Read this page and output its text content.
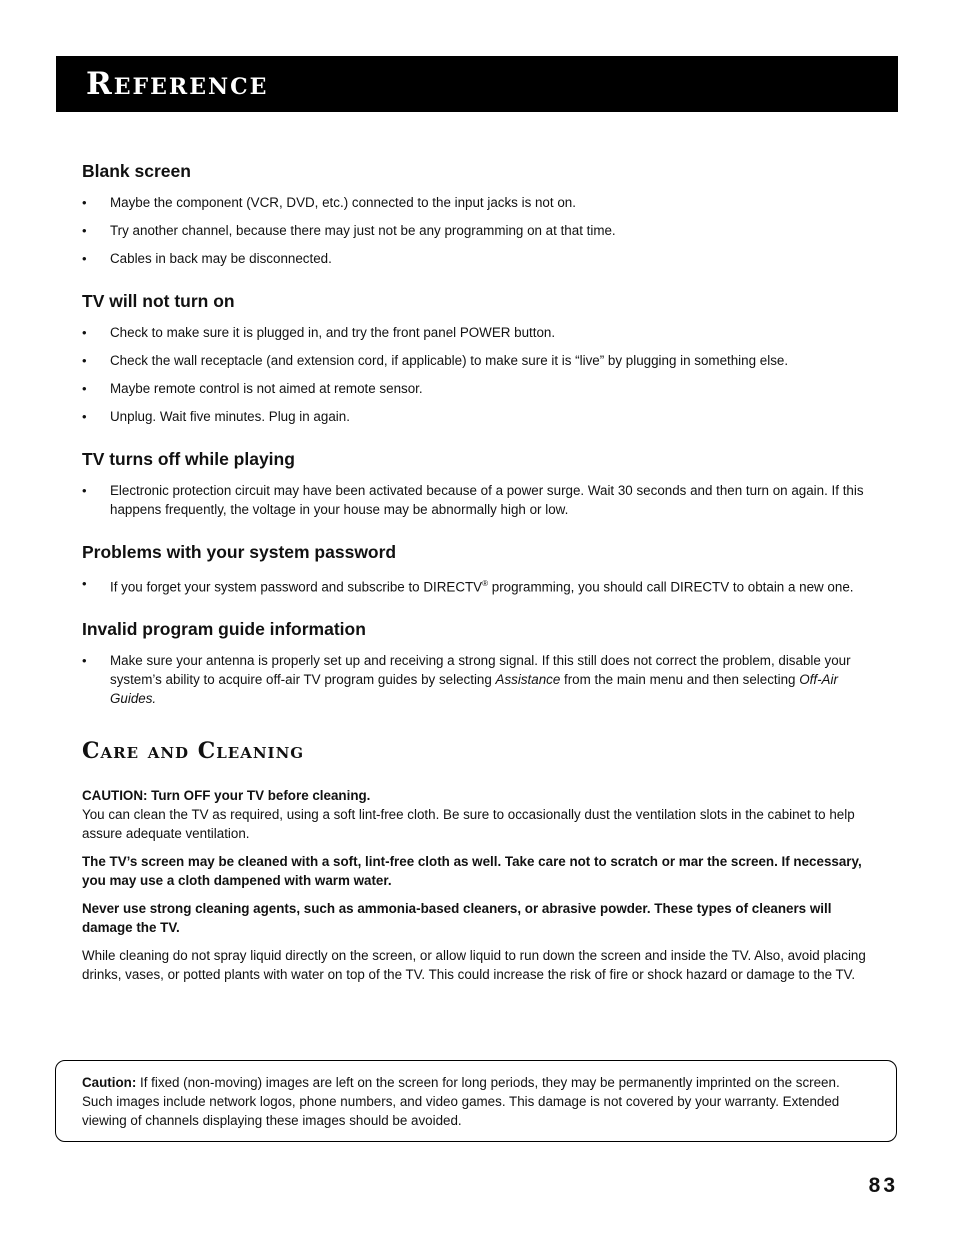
Reference
Blank screen
• Maybe the component (VCR, DVD, etc.) connected to the input jacks is not on.
• Try another channel, because there may just not be any programming on at that time.
• Cables in back may be disconnected.
TV will not turn on
• Check to make sure it is plugged in, and try the front panel POWER button.
• Check the wall receptacle (and extension cord, if applicable) to make sure it is “live” by plugging in something else.
• Maybe remote control is not aimed at remote sensor.
• Unplug. Wait five minutes. Plug in again.
TV turns off while playing
• Electronic protection circuit may have been activated because of a power surge. Wait 30 seconds and then turn on again. If this happens frequently, the voltage in your house may be abnormally high or low.
Problems with your system password
• If you forget your system password and subscribe to DIRECTV® programming, you should call DIRECTV to obtain a new one.
Invalid program guide information
• Make sure your antenna is properly set up and receiving a strong signal. If this still does not correct the problem, disable your system’s ability to acquire off-air TV program guides by selecting Assistance from the main menu and then selecting Off-Air Guides.
Care and Cleaning

CAUTION: Turn OFF your TV before cleaning.
You can clean the TV as required, using a soft lint-free cloth. Be sure to occasionally dust the ventilation slots in the cabinet to help assure adequate ventilation.

The TV’s screen may be cleaned with a soft, lint-free cloth as well. Take care not to scratch or mar the screen. If necessary, you may use a cloth dampened with warm water.

Never use strong cleaning agents, such as ammonia-based cleaners, or abrasive powder. These types of cleaners will damage the TV.

While cleaning do not spray liquid directly on the screen, or allow liquid to run down the screen and inside the TV. Also, avoid placing drinks, vases, or potted plants with water on top of the TV. This could increase the risk of fire or shock hazard or damage to the TV.

Caution: If fixed (non-moving) images are left on the screen for long periods, they may be permanently imprinted on the screen. Such images include network logos, phone numbers, and video games. This damage is not covered by your warranty. Extended viewing of channels displaying these images should be avoided.

83
